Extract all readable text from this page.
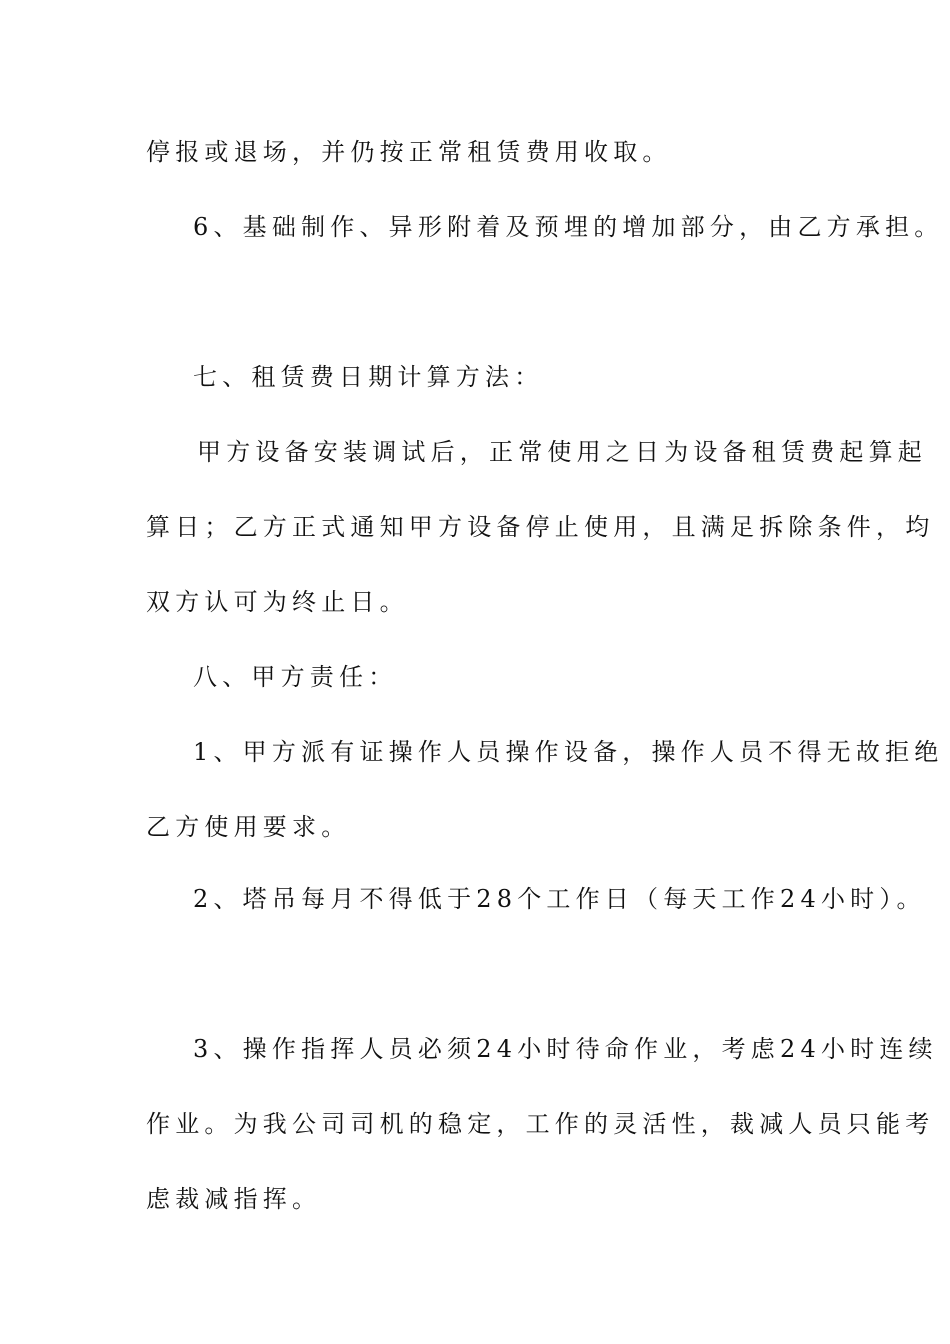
停报或退场，并仍按正常租赁费用收取。
6、基础制作、异形附着及预埋的增加部分，由乙方承担。
七、租赁费日期计算方法：
甲方设备安装调试后，正常使用之日为设备租赁费起算起
算日；乙方正式通知甲方设备停止使用，且满足拆除条件，均
双方认可为终止日。
八、甲方责任：
1、甲方派有证操作人员操作设备，操作人员不得无故拒绝
乙方使用要求。
2、塔吊每月不得低于28个工作日（每天工作24小时）。
3、操作指挥人员必须24小时待命作业，考虑24小时连续
作业。为我公司司机的稳定，工作的灵活性，裁减人员只能考
虑裁减指挥。
